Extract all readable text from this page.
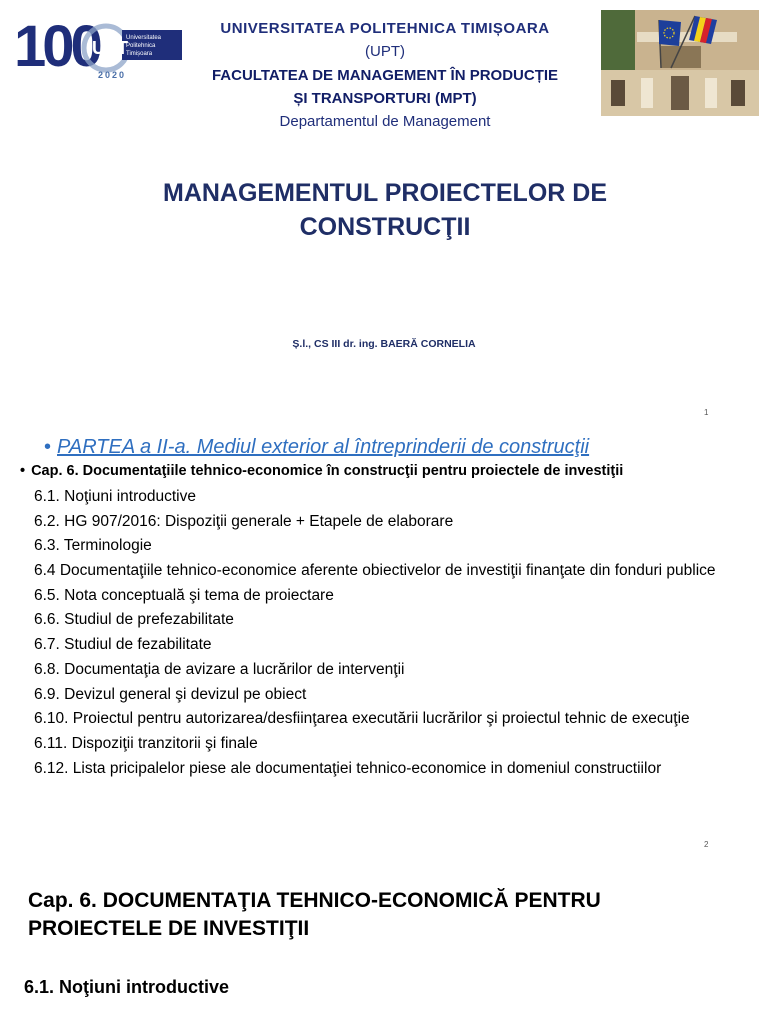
100
UPT
Universitatea
Politehnica
Timișoara
2020
UNIVERSITATEA POLITEHNICA TIMIȘOARA
(UPT)
FACULTATEA DE MANAGEMENT ÎN PRODUCȚIE
ȘI TRANSPORTURI (MPT)
Departamentul de Management
MANAGEMENTUL PROIECTELOR DE
CONSTRUCŢII
Ș.l., CS III dr. ing. BAERĂ CORNELIA
1
• PARTEA a II-a. Mediul exterior al întreprinderii de construcţii
• Cap. 6. Documentaţiile tehnico-economice în construcţii pentru proiectele de investiţii
6.1. Noţiuni introductive
6.2. HG 907/2016: Dispoziţii generale + Etapele de elaborare
6.3. Terminologie
6.4 Documentaţiile tehnico-economice aferente obiectivelor de investiţii finanţate din fonduri publice
6.5. Nota conceptuală şi tema de proiectare
6.6. Studiul de prefezabilitate
6.7. Studiul de fezabilitate
6.8. Documentaţia de avizare a lucrărilor de intervenţii
6.9. Devizul general şi devizul pe obiect
6.10. Proiectul pentru autorizarea/desfiinţarea executării lucrărilor şi proiectul tehnic de execuţie
6.11. Dispoziţii tranzitorii şi finale
6.12. Lista pricipalelor piese ale documentaţiei tehnico-economice in domeniul constructiilor
2
Cap. 6. DOCUMENTAŢIA TEHNICO-ECONOMICĂ PENTRU PROIECTELE DE INVESTIŢII
6.1. Noţiuni introductive
